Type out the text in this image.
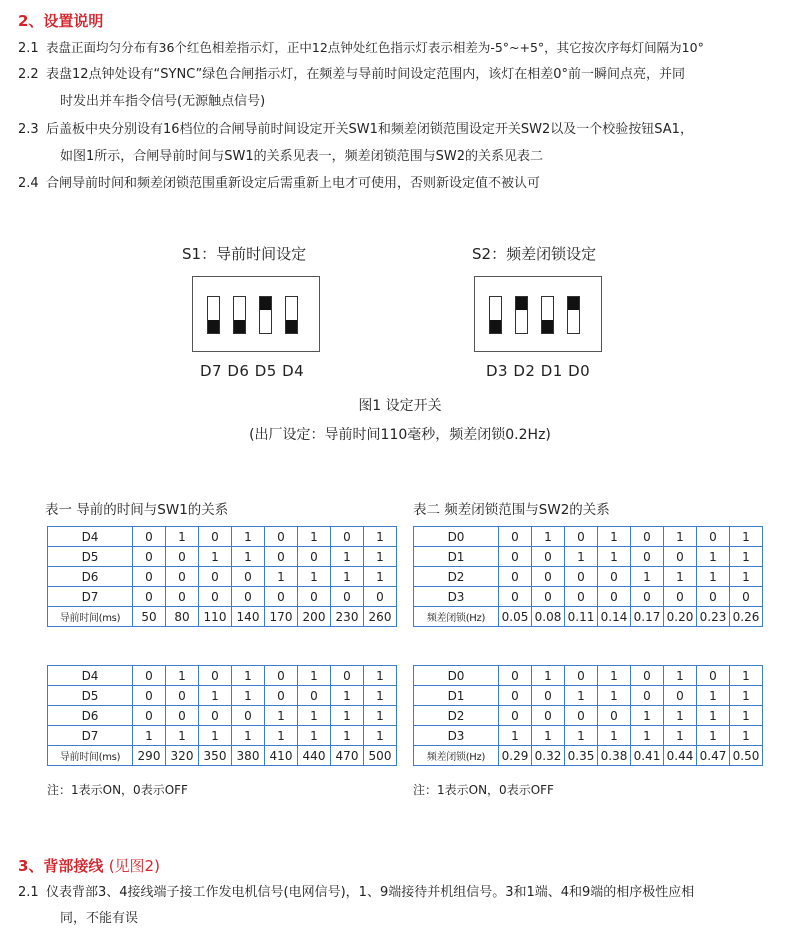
2、设置说明
2.1 表盘正面均匀分布有36个红色相差指示灯，正中12点钟处红色指示灯表示相差为-5°~+5°，其它按次序每灯间隔为10°
2.2 表盘12点钟处设有“SYNC”绿色合闸指示灯，在频差与导前时间设定范围内，该灯在相差0°前一瞬间点亮，并同
时发出并车指令信号(无源触点信号)
2.3 后盖板中央分别设有16档位的合闸导前时间设定开关SW1和频差闭锁范围设定开关SW2以及一个校验按钮SA1，
如图1所示，合闸导前时间与SW1的关系见表一，频差闭锁范围与SW2的关系见表二
2.4 合闸导前时间和频差闭锁范围重新设定后需重新上电才可使用，否则新设定值不被认可
S1：导前时间设定	S2：频差闭锁设定
D7 D6 D5 D4	D3 D2 D1 D0
图1 设定开关
(出厂设定：导前时间110毫秒，频差闭锁0.2Hz)
表一 导前的时间与SW1的关系	表二 频差闭锁范围与SW2的关系
D4	0	1	0	1	0	1	0	1
D5	0	0	1	1	0	0	1	1
D6	0	0	0	0	1	1	1	1
D7	0	0	0	0	0	0	0	0
导前时间(ms)	50	80	110	140	170	200	230	260
D0	0	1	0	1	0	1	0	1
D1	0	0	1	1	0	0	1	1
D2	0	0	0	0	1	1	1	1
D3	0	0	0	0	0	0	0	0
频差闭锁(Hz)	0.05	0.08	0.11	0.14	0.17	0.20	0.23	0.26
D4	0	1	0	1	0	1	0	1
D5	0	0	1	1	0	0	1	1
D6	0	0	0	0	1	1	1	1
D7	1	1	1	1	1	1	1	1
导前时间(ms)	290	320	350	380	410	440	470	500
D0	0	1	0	1	0	1	0	1
D1	0	0	1	1	0	0	1	1
D2	0	0	0	0	1	1	1	1
D3	1	1	1	1	1	1	1	1
频差闭锁(Hz)	0.29	0.32	0.35	0.38	0.41	0.44	0.47	0.50
注：1表示ON，0表示OFF	注：1表示ON，0表示OFF
3、背部接线 (见图2)
2.1 仪表背部3、4接线端子接工作发电机信号(电网信号)，1、9端接待并机组信号。3和1端、4和9端的相序极性应相
同，不能有误
